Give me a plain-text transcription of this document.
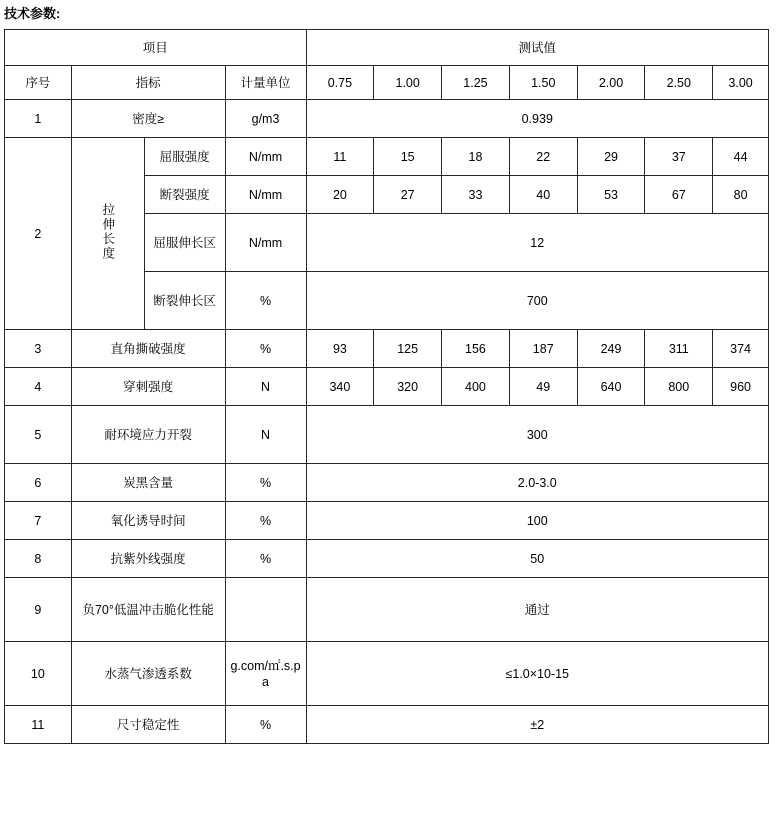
技术参数:
项目				测试值						
序号	指标		计量单位	0.75	1.00	1.25	1.50	2.00	2.50	3.00
1	密度≥		g/m3	0.939						
2	拉伸长度	屈服强度	N/mm	11	15	18	22	29	37	44
		断裂强度	N/mm	20	27	33	40	53	67	80
		屈服伸长区	N/mm	12						
		断裂伸长区	%	700						
3	直角撕破强度		%	93	125	156	187	249	311	374
4	穿刺强度		N	340	320	400	49	640	800	960
5	耐环境应力开裂		N	300						
6	炭黑含量		%	2.0-3.0						
7	氧化诱导时间		%	100						
8	抗紫外线强度		%	50						
9	负70°低温冲击脆化性能			通过						
10	水蒸气渗透系数		g.com/㎡.s.pa	≤1.0×10-15						
11	尺寸稳定性		%	±2						
